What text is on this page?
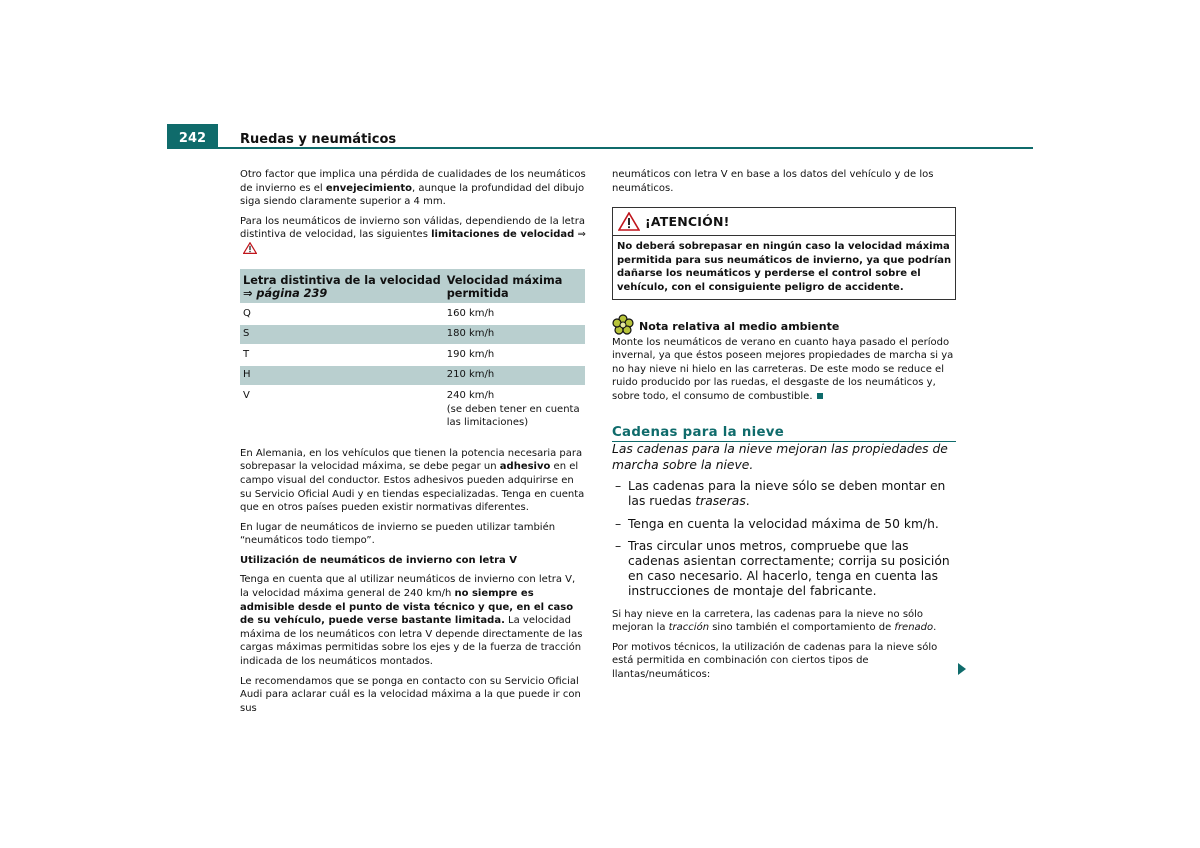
242	Ruedas y neumáticos

Otro factor que implica una pérdida de cualidades de los neumáticos de invierno es el envejecimiento, aunque la profundidad del dibujo siga siendo claramente superior a 4 mm.

Para los neumáticos de invierno son válidas, dependiendo de la letra distintiva de velocidad, las siguientes limitaciones de velocidad ⇒

Letra distintiva de la velocidad ⇒ página 239	Velocidad máxima permitida
Q	160 km/h
S	180 km/h
T	190 km/h
H	210 km/h
V	240 km/h
(se deben tener en cuenta las limitaciones)

En Alemania, en los vehículos que tienen la potencia necesaria para sobrepasar la velocidad máxima, se debe pegar un adhesivo en el campo visual del conductor. Estos adhesivos pueden adquirirse en su Servicio Oficial Audi y en tiendas especializadas. Tenga en cuenta que en otros países pueden existir normativas diferentes.

En lugar de neumáticos de invierno se pueden utilizar también “neumáticos todo tiempo”.

Utilización de neumáticos de invierno con letra V

Tenga en cuenta que al utilizar neumáticos de invierno con letra V, la velocidad máxima general de 240 km/h no siempre es admisible desde el punto de vista técnico y que, en el caso de su vehículo, puede verse bastante limitada. La velocidad máxima de los neumáticos con letra V depende directamente de las cargas máximas permitidas sobre los ejes y de la fuerza de tracción indicada de los neumáticos montados.

Le recomendamos que se ponga en contacto con su Servicio Oficial Audi para aclarar cuál es la velocidad máxima a la que puede ir con sus

neumáticos con letra V en base a los datos del vehículo y de los neumáticos.

¡ATENCIÓN!
No deberá sobrepasar en ningún caso la velocidad máxima permitida para sus neumáticos de invierno, ya que podrían dañarse los neumáticos y perderse el control sobre el vehículo, con el consiguiente peligro de accidente.
Nota relativa al medio ambiente

Monte los neumáticos de verano en cuanto haya pasado el período invernal, ya que éstos poseen mejores propiedades de marcha si ya no hay nieve ni hielo en las carreteras. De este modo se reduce el ruido producido por las ruedas, el desgaste de los neumáticos y, sobre todo, el consumo de combustible.

Cadenas para la nieve

Las cadenas para la nieve mejoran las propiedades de marcha sobre la nieve.

– Las cadenas para la nieve sólo se deben montar en las ruedas traseras.
– Tenga en cuenta la velocidad máxima de 50 km/h.
– Tras circular unos metros, compruebe que las cadenas asientan correctamente; corrija su posición en caso necesario. Al hacerlo, tenga en cuenta las instrucciones de montaje del fabricante.

Si hay nieve en la carretera, las cadenas para la nieve no sólo mejoran la tracción sino también el comportamiento de frenado.

Por motivos técnicos, la utilización de cadenas para la nieve sólo está permitida en combinación con ciertos tipos de llantas/neumáticos:
